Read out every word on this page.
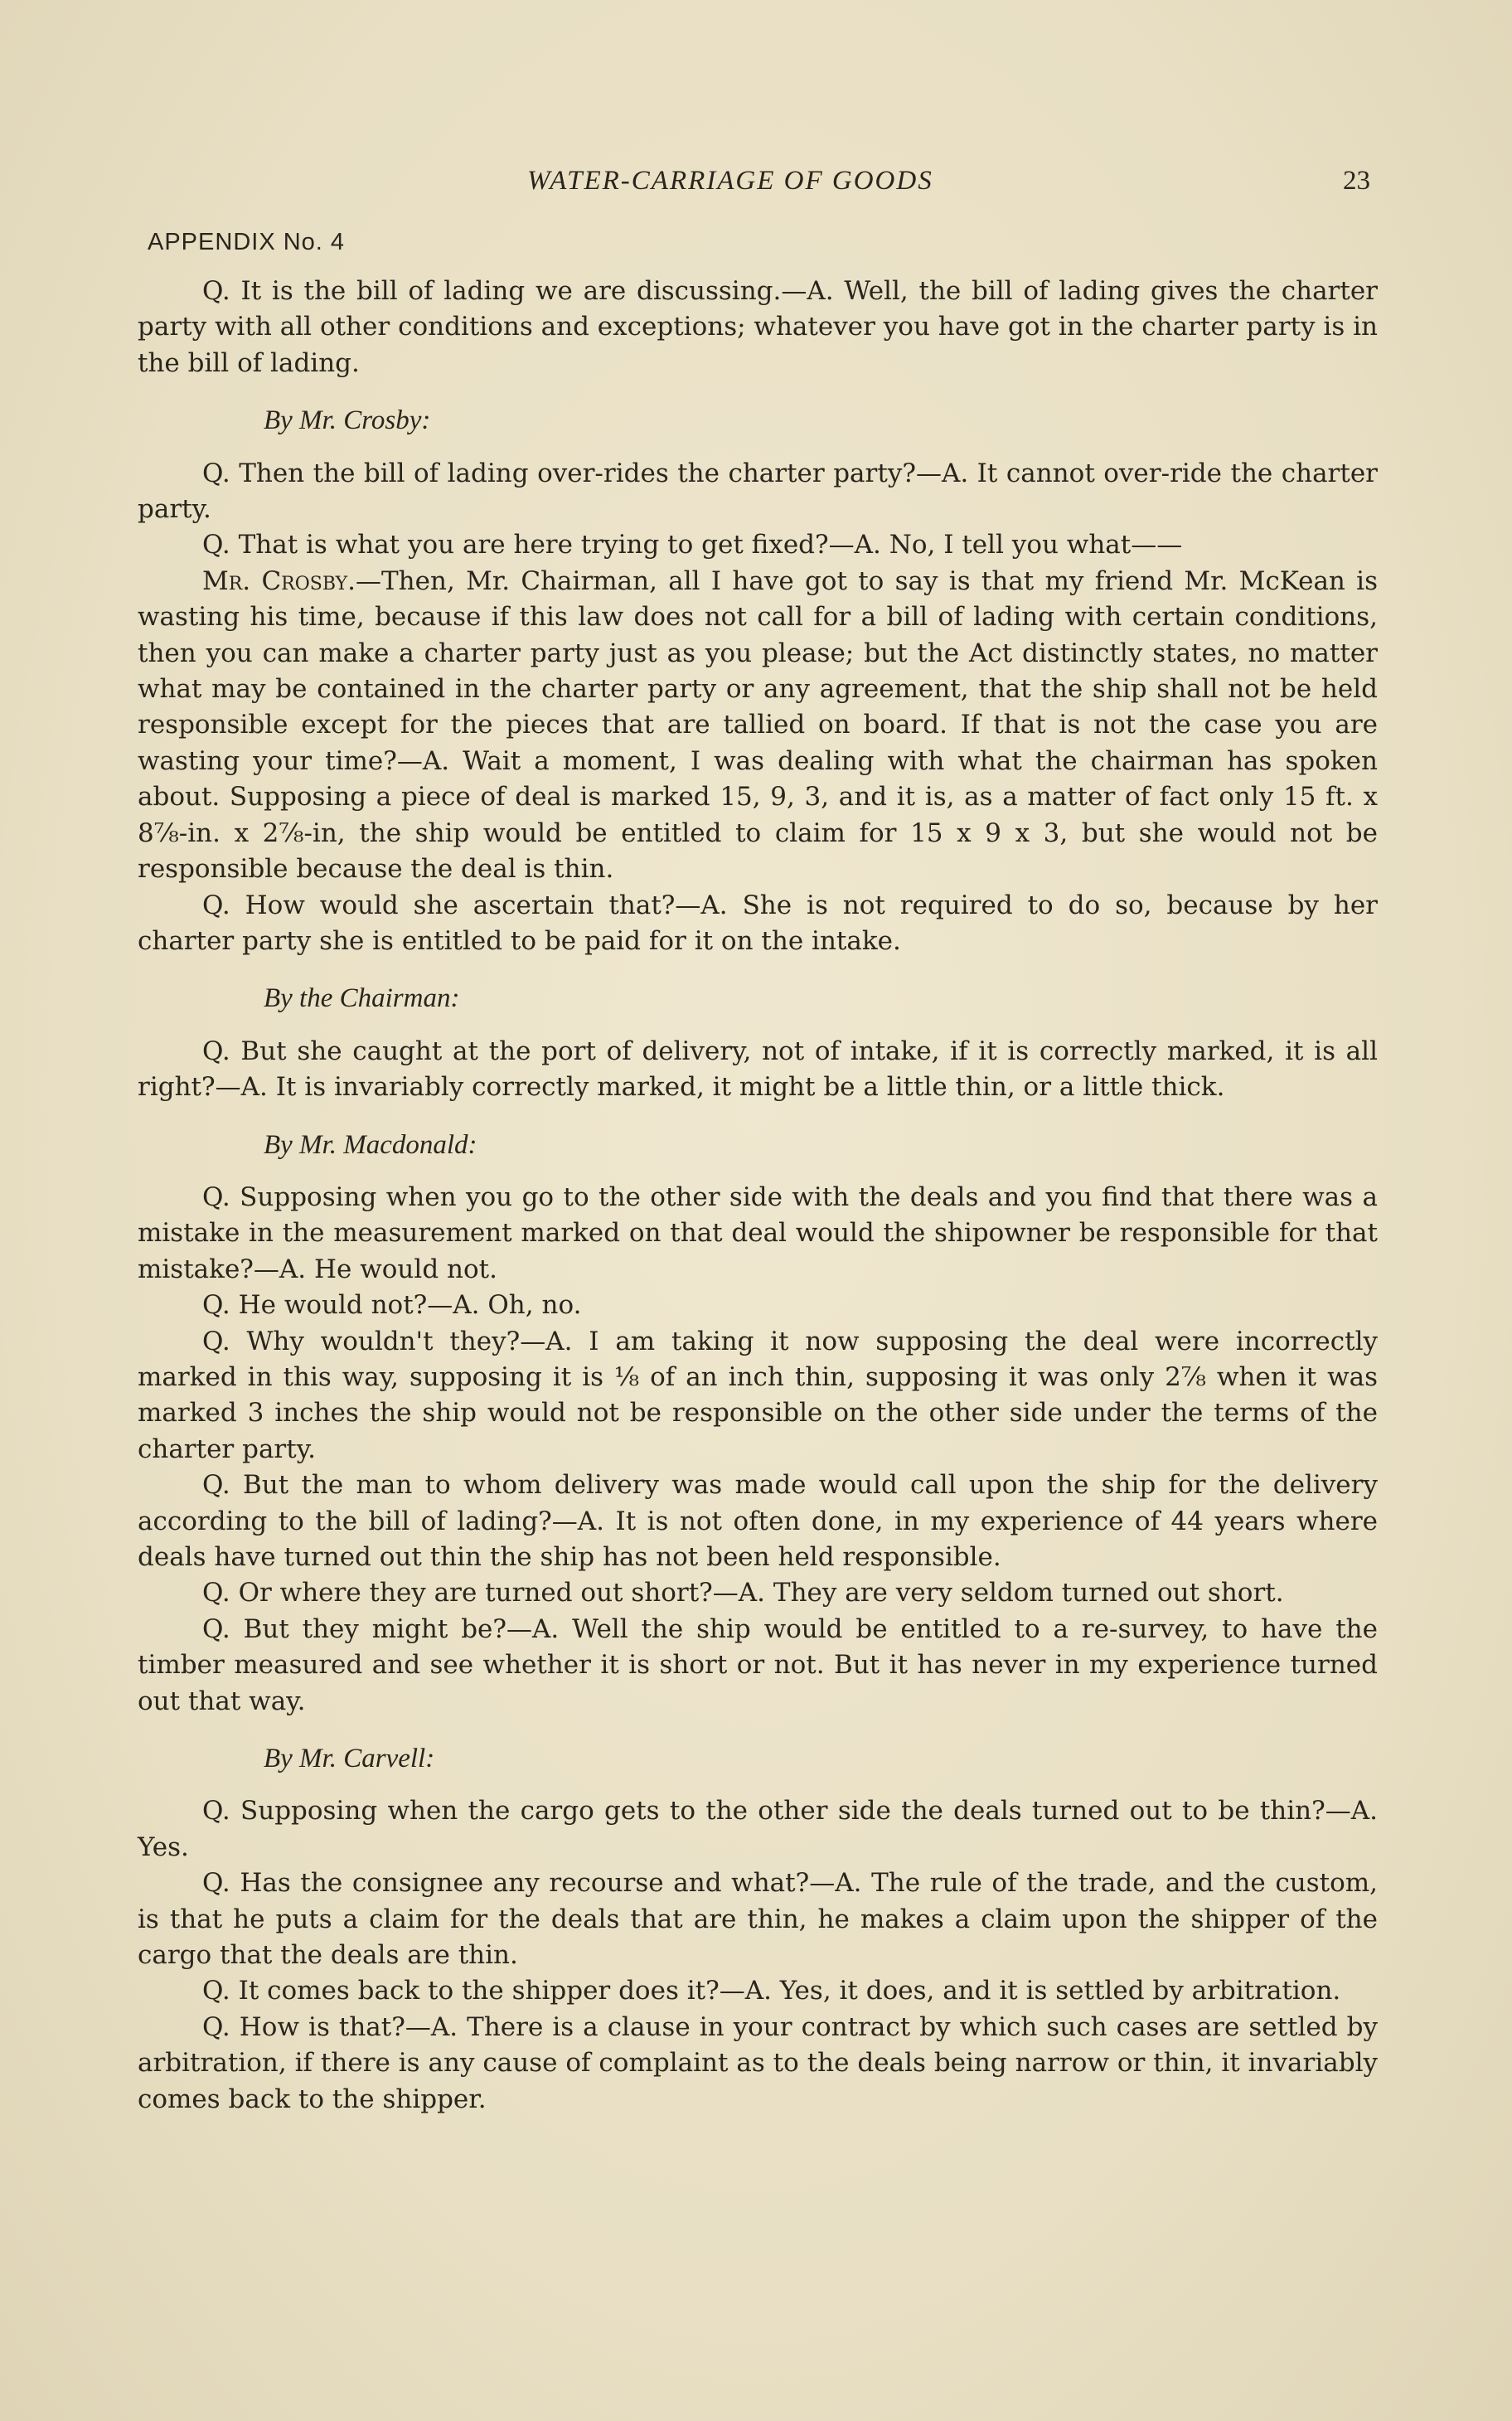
WATER-CARRIAGE OF GOODS	23
APPENDIX No. 4

Q. It is the bill of lading we are discussing.—A. Well, the bill of lading gives the charter party with all other conditions and exceptions; whatever you have got in the charter party is in the bill of lading.

By Mr. Crosby:

Q. Then the bill of lading over-rides the charter party?—A. It cannot over-ride the charter party.

Q. That is what you are here trying to get fixed?—A. No, I tell you what——

Mr. Crosby.—Then, Mr. Chairman, all I have got to say is that my friend Mr. McKean is wasting his time, because if this law does not call for a bill of lading with certain conditions, then you can make a charter party just as you please; but the Act distinctly states, no matter what may be contained in the charter party or any agreement, that the ship shall not be held responsible except for the pieces that are tallied on board. If that is not the case you are wasting your time?—A. Wait a moment, I was dealing with what the chairman has spoken about. Supposing a piece of deal is marked 15, 9, 3, and it is, as a matter of fact only 15 ft. x 8⅞-in. x 2⅞-in, the ship would be entitled to claim for 15 x 9 x 3, but she would not be responsible because the deal is thin.

Q. How would she ascertain that?—A. She is not required to do so, because by her charter party she is entitled to be paid for it on the intake.

By the Chairman:

Q. But she caught at the port of delivery, not of intake, if it is correctly marked, it is all right?—A. It is invariably correctly marked, it might be a little thin, or a little thick.

By Mr. Macdonald:

Q. Supposing when you go to the other side with the deals and you find that there was a mistake in the measurement marked on that deal would the shipowner be responsible for that mistake?—A. He would not.

Q. He would not?—A. Oh, no.

Q. Why wouldn't they?—A. I am taking it now supposing the deal were incorrectly marked in this way, supposing it is ⅛ of an inch thin, supposing it was only 2⅞ when it was marked 3 inches the ship would not be responsible on the other side under the terms of the charter party.

Q. But the man to whom delivery was made would call upon the ship for the delivery according to the bill of lading?—A. It is not often done, in my experience of 44 years where deals have turned out thin the ship has not been held responsible.

Q. Or where they are turned out short?—A. They are very seldom turned out short.

Q. But they might be?—A. Well the ship would be entitled to a re-survey, to have the timber measured and see whether it is short or not. But it has never in my experience turned out that way.

By Mr. Carvell:

Q. Supposing when the cargo gets to the other side the deals turned out to be thin?—A. Yes.

Q. Has the consignee any recourse and what?—A. The rule of the trade, and the custom, is that he puts a claim for the deals that are thin, he makes a claim upon the shipper of the cargo that the deals are thin.

Q. It comes back to the shipper does it?—A. Yes, it does, and it is settled by arbitration.

Q. How is that?—A. There is a clause in your contract by which such cases are settled by arbitration, if there is any cause of complaint as to the deals being narrow or thin, it invariably comes back to the shipper.
